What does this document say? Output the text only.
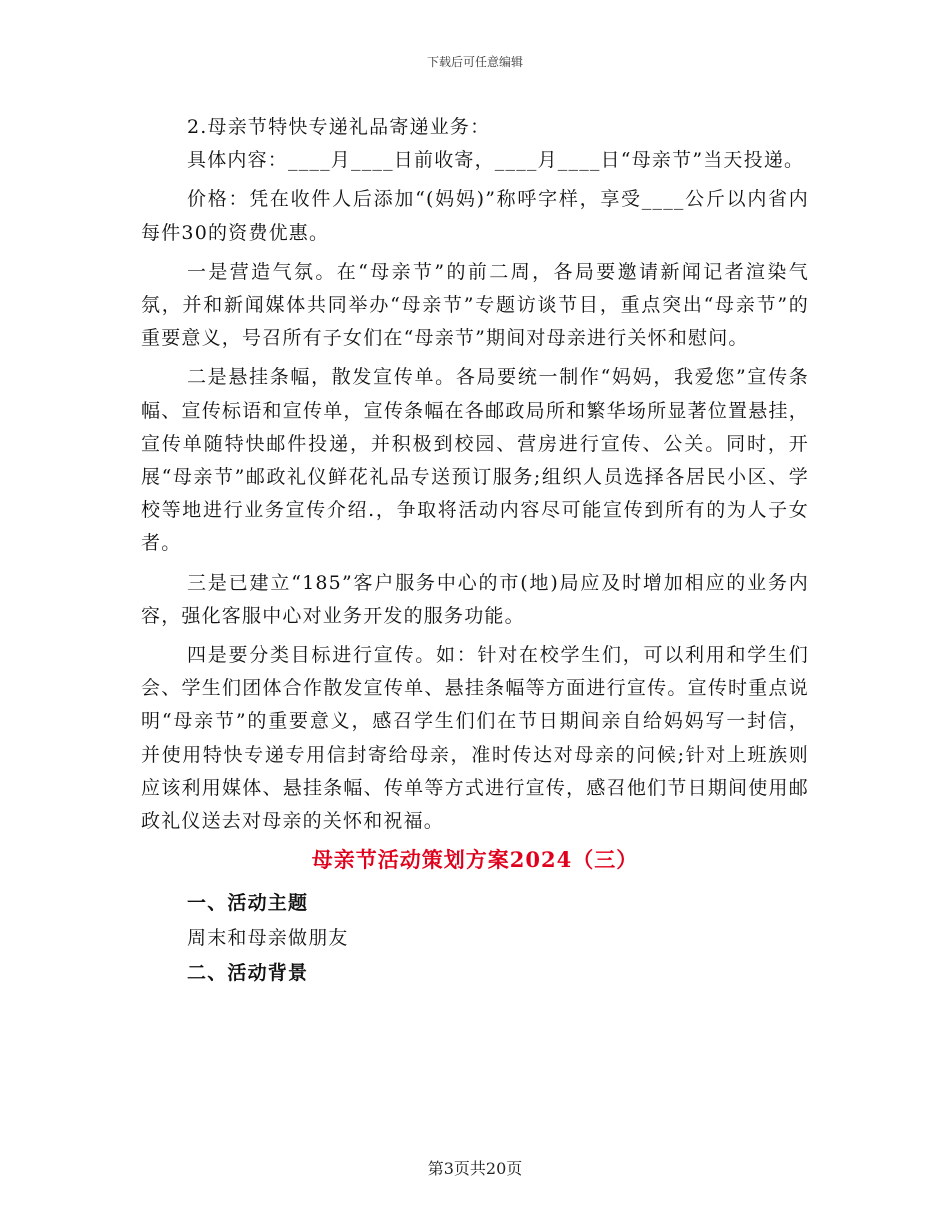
下载后可任意编辑

2.母亲节特快专递礼品寄递业务：

具体内容：____月____日前收寄，____月____日“母亲节”当天投递。

价格：凭在收件人后添加“(妈妈)”称呼字样，享受____公斤以内省内每件30的资费优惠。

一是营造气氛。在“母亲节”的前二周，各局要邀请新闻记者渲染气氛，并和新闻媒体共同举办“母亲节”专题访谈节目，重点突出“母亲节”的重要意义，号召所有子女们在“母亲节”期间对母亲进行关怀和慰问。

二是悬挂条幅，散发宣传单。各局要统一制作“妈妈，我爱您”宣传条幅、宣传标语和宣传单，宣传条幅在各邮政局所和繁华场所显著位置悬挂，宣传单随特快邮件投递，并积极到校园、营房进行宣传、公关。同时，开展“母亲节”邮政礼仪鲜花礼品专送预订服务;组织人员选择各居民小区、学校等地进行业务宣传介绍.，争取将活动内容尽可能宣传到所有的为人子女者。

三是已建立“185”客户服务中心的市(地)局应及时增加相应的业务内容，强化客服中心对业务开发的服务功能。

四是要分类目标进行宣传。如：针对在校学生们，可以利用和学生们会、学生们团体合作散发宣传单、悬挂条幅等方面进行宣传。宣传时重点说明“母亲节”的重要意义，感召学生们们在节日期间亲自给妈妈写一封信，并使用特快专递专用信封寄给母亲，准时传达对母亲的问候;针对上班族则应该利用媒体、悬挂条幅、传单等方式进行宣传，感召他们节日期间使用邮政礼仪送去对母亲的关怀和祝福。

母亲节活动策划方案2024（三）

一、活动主题

周末和母亲做朋友

二、活动背景

第3页共20页
